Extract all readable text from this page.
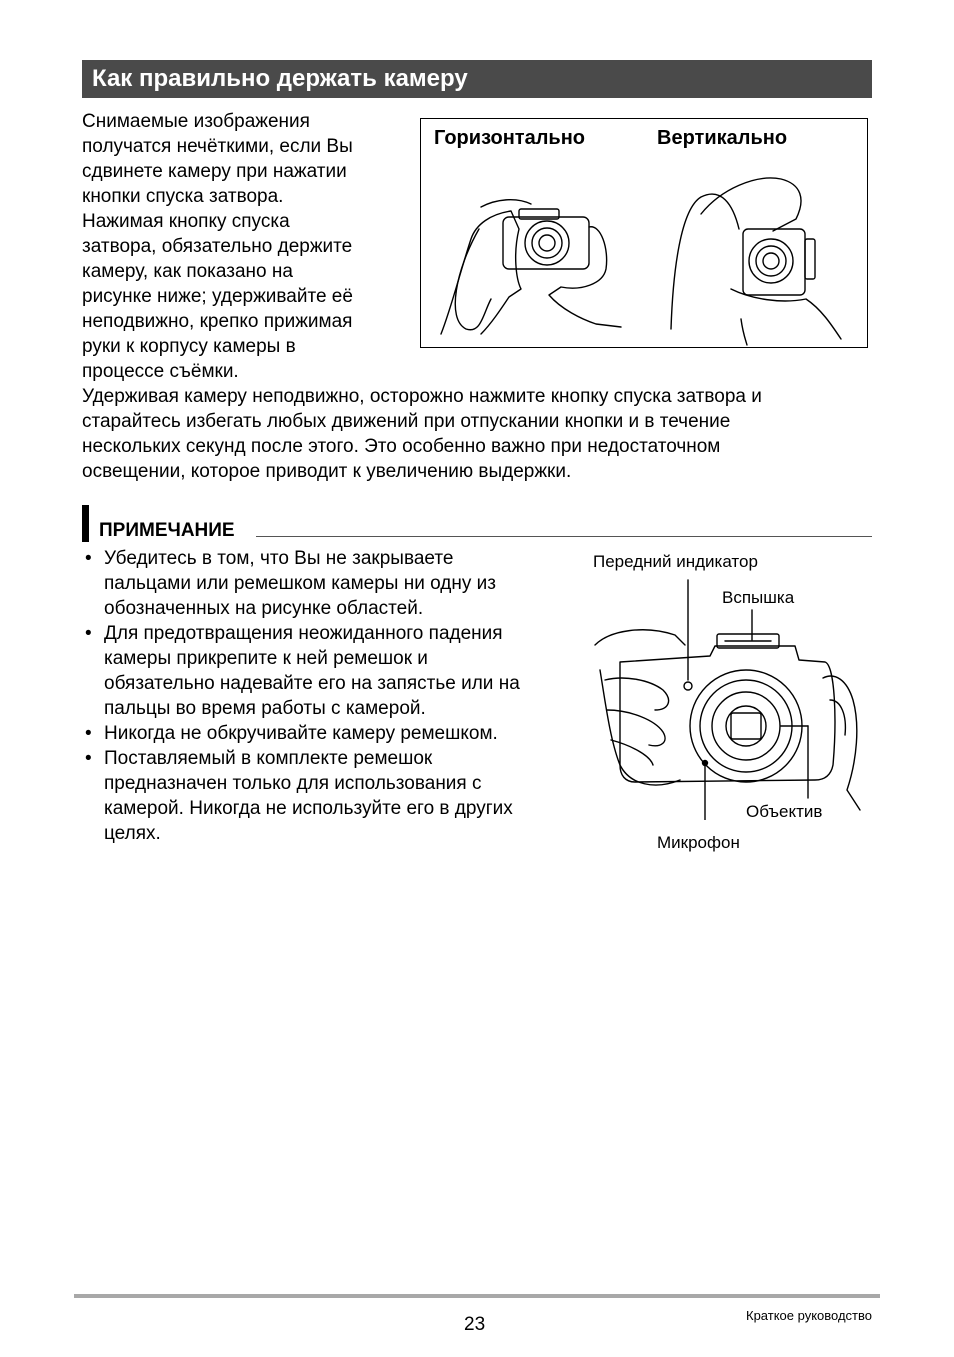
Как правильно держать камеру

Снимаемые изображения
получатся нечёткими, если Вы
сдвинете камеру при нажатии
кнопки спуска затвора.
Нажимая кнопку спуска
затвора, обязательно держите
камеру, как показано на
рисунке ниже; удерживайте её
неподвижно, крепко прижимая
руки к корпусу камеры в
процессе съёмки.

Горизонтально	Вертикально

Удерживая камеру неподвижно, осторожно нажмите кнопку спуска затвора и
старайтесь избегать любых движений при отпускании кнопки и в течение
нескольких секунд после этого. Это особенно важно при недостаточном
освещении, которое приводит к увеличению выдержки.

ПРИМЕЧАНИЕ
• Убедитесь в том, что Вы не закрываете
пальцами или ремешком камеры ни одну из
обозначенных на рисунке областей.
• Для предотвращения неожиданного падения
камеры прикрепите к ней ремешок и
обязательно надевайте его на запястье или на
пальцы во время работы с камерой.
• Никогда не обкручивайте камеру ремешком.
• Поставляемый в комплекте ремешок
предназначен только для использования с
камерой. Никогда не используйте его в других
целях.
Передний индикатор
Вспышка
Объектив
Микрофон
23	Краткое руководство
